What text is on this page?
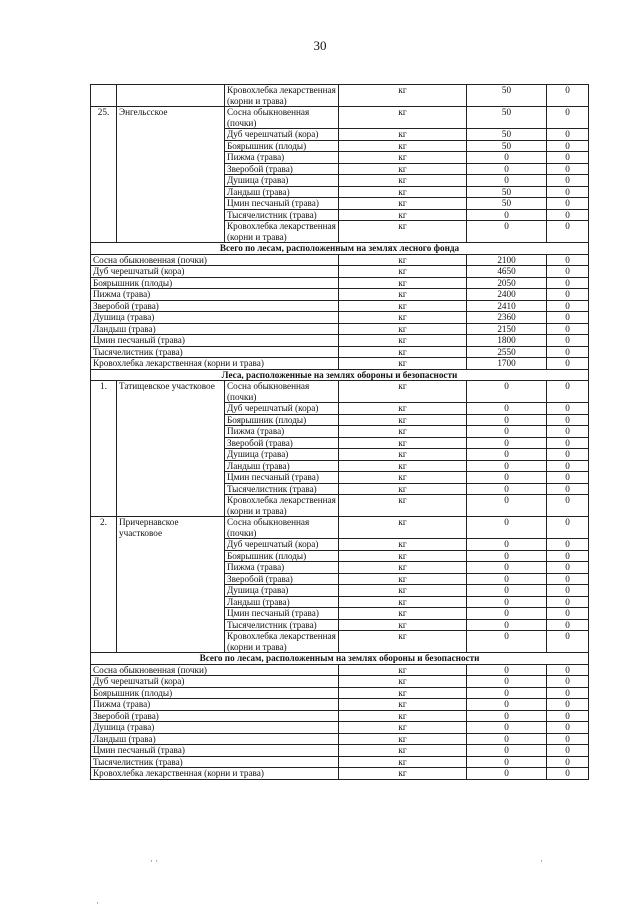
30
		Кровохлебка лекарственная (корни и трава)	кг	50	0
25.	Энгельсское	Сосна обыкновенная (почки)	кг	50	0
		Дуб черешчатый (кора)	кг	50	0
		Боярышник (плоды)	кг	50	0
		Пижма (трава)	кг	0	0
		Зверобой (трава)	кг	0	0
		Душица (трава)	кг	0	0
		Ландыш (трава)	кг	50	0
		Цмин песчаный (трава)	кг	50	0
		Тысячелистник (трава)	кг	0	0
		Кровохлебка лекарственная (корни и трава)	кг	0	0
Всего по лесам, расположенным на землях лесного фонда					
Сосна обыкновенная (почки)			кг	2100	0
Дуб черешчатый (кора)			кг	4650	0
Боярышник (плоды)			кг	2050	0
Пижма (трава)			кг	2400	0
Зверобой (трава)			кг	2410	0
Душица (трава)			кг	2360	0
Ландыш (трава)			кг	2150	0
Цмин песчаный (трава)			кг	1800	0
Тысячелистник (трава)			кг	2550	0
Кровохлебка лекарственная (корни и трава)			кг	1700	0
Леса, расположенные на землях обороны и безопасности					
1.	Татищевское участковое	Сосна обыкновенная (почки)	кг	0	0
		Дуб черешчатый (кора)	кг	0	0
		Боярышник (плоды)	кг	0	0
		Пижма (трава)	кг	0	0
		Зверобой (трава)	кг	0	0
		Душица (трава)	кг	0	0
		Ландыш (трава)	кг	0	0
		Цмин песчаный (трава)	кг	0	0
		Тысячелистник (трава)	кг	0	0
		Кровохлебка лекарственная (корни и трава)	кг	0	0
2.	Причернавское участковое	Сосна обыкновенная (почки)	кг	0	0
		Дуб черешчатый (кора)	кг	0	0
		Боярышник (плоды)	кг	0	0
		Пижма (трава)	кг	0	0
		Зверобой (трава)	кг	0	0
		Душица (трава)	кг	0	0
		Ландыш (трава)	кг	0	0
		Цмин песчаный (трава)	кг	0	0
		Тысячелистник (трава)	кг	0	0
		Кровохлебка лекарственная (корни и трава)	кг	0	0
Всего по лесам, расположенным на землях обороны и безопасности					
Сосна обыкновенная (почки)			кг	0	0
Дуб черешчатый (кора)			кг	0	0
Боярышник (плоды)			кг	0	0
Пижма (трава)			кг	0	0
Зверобой (трава)			кг	0	0
Душица (трава)			кг	0	0
Ландыш (трава)			кг	0	0
Цмин песчаный (трава)			кг	0	0
Тысячелистник (трава)			кг	0	0
Кровохлебка лекарственная (корни и трава)			кг	0	0
· ·	·
·
